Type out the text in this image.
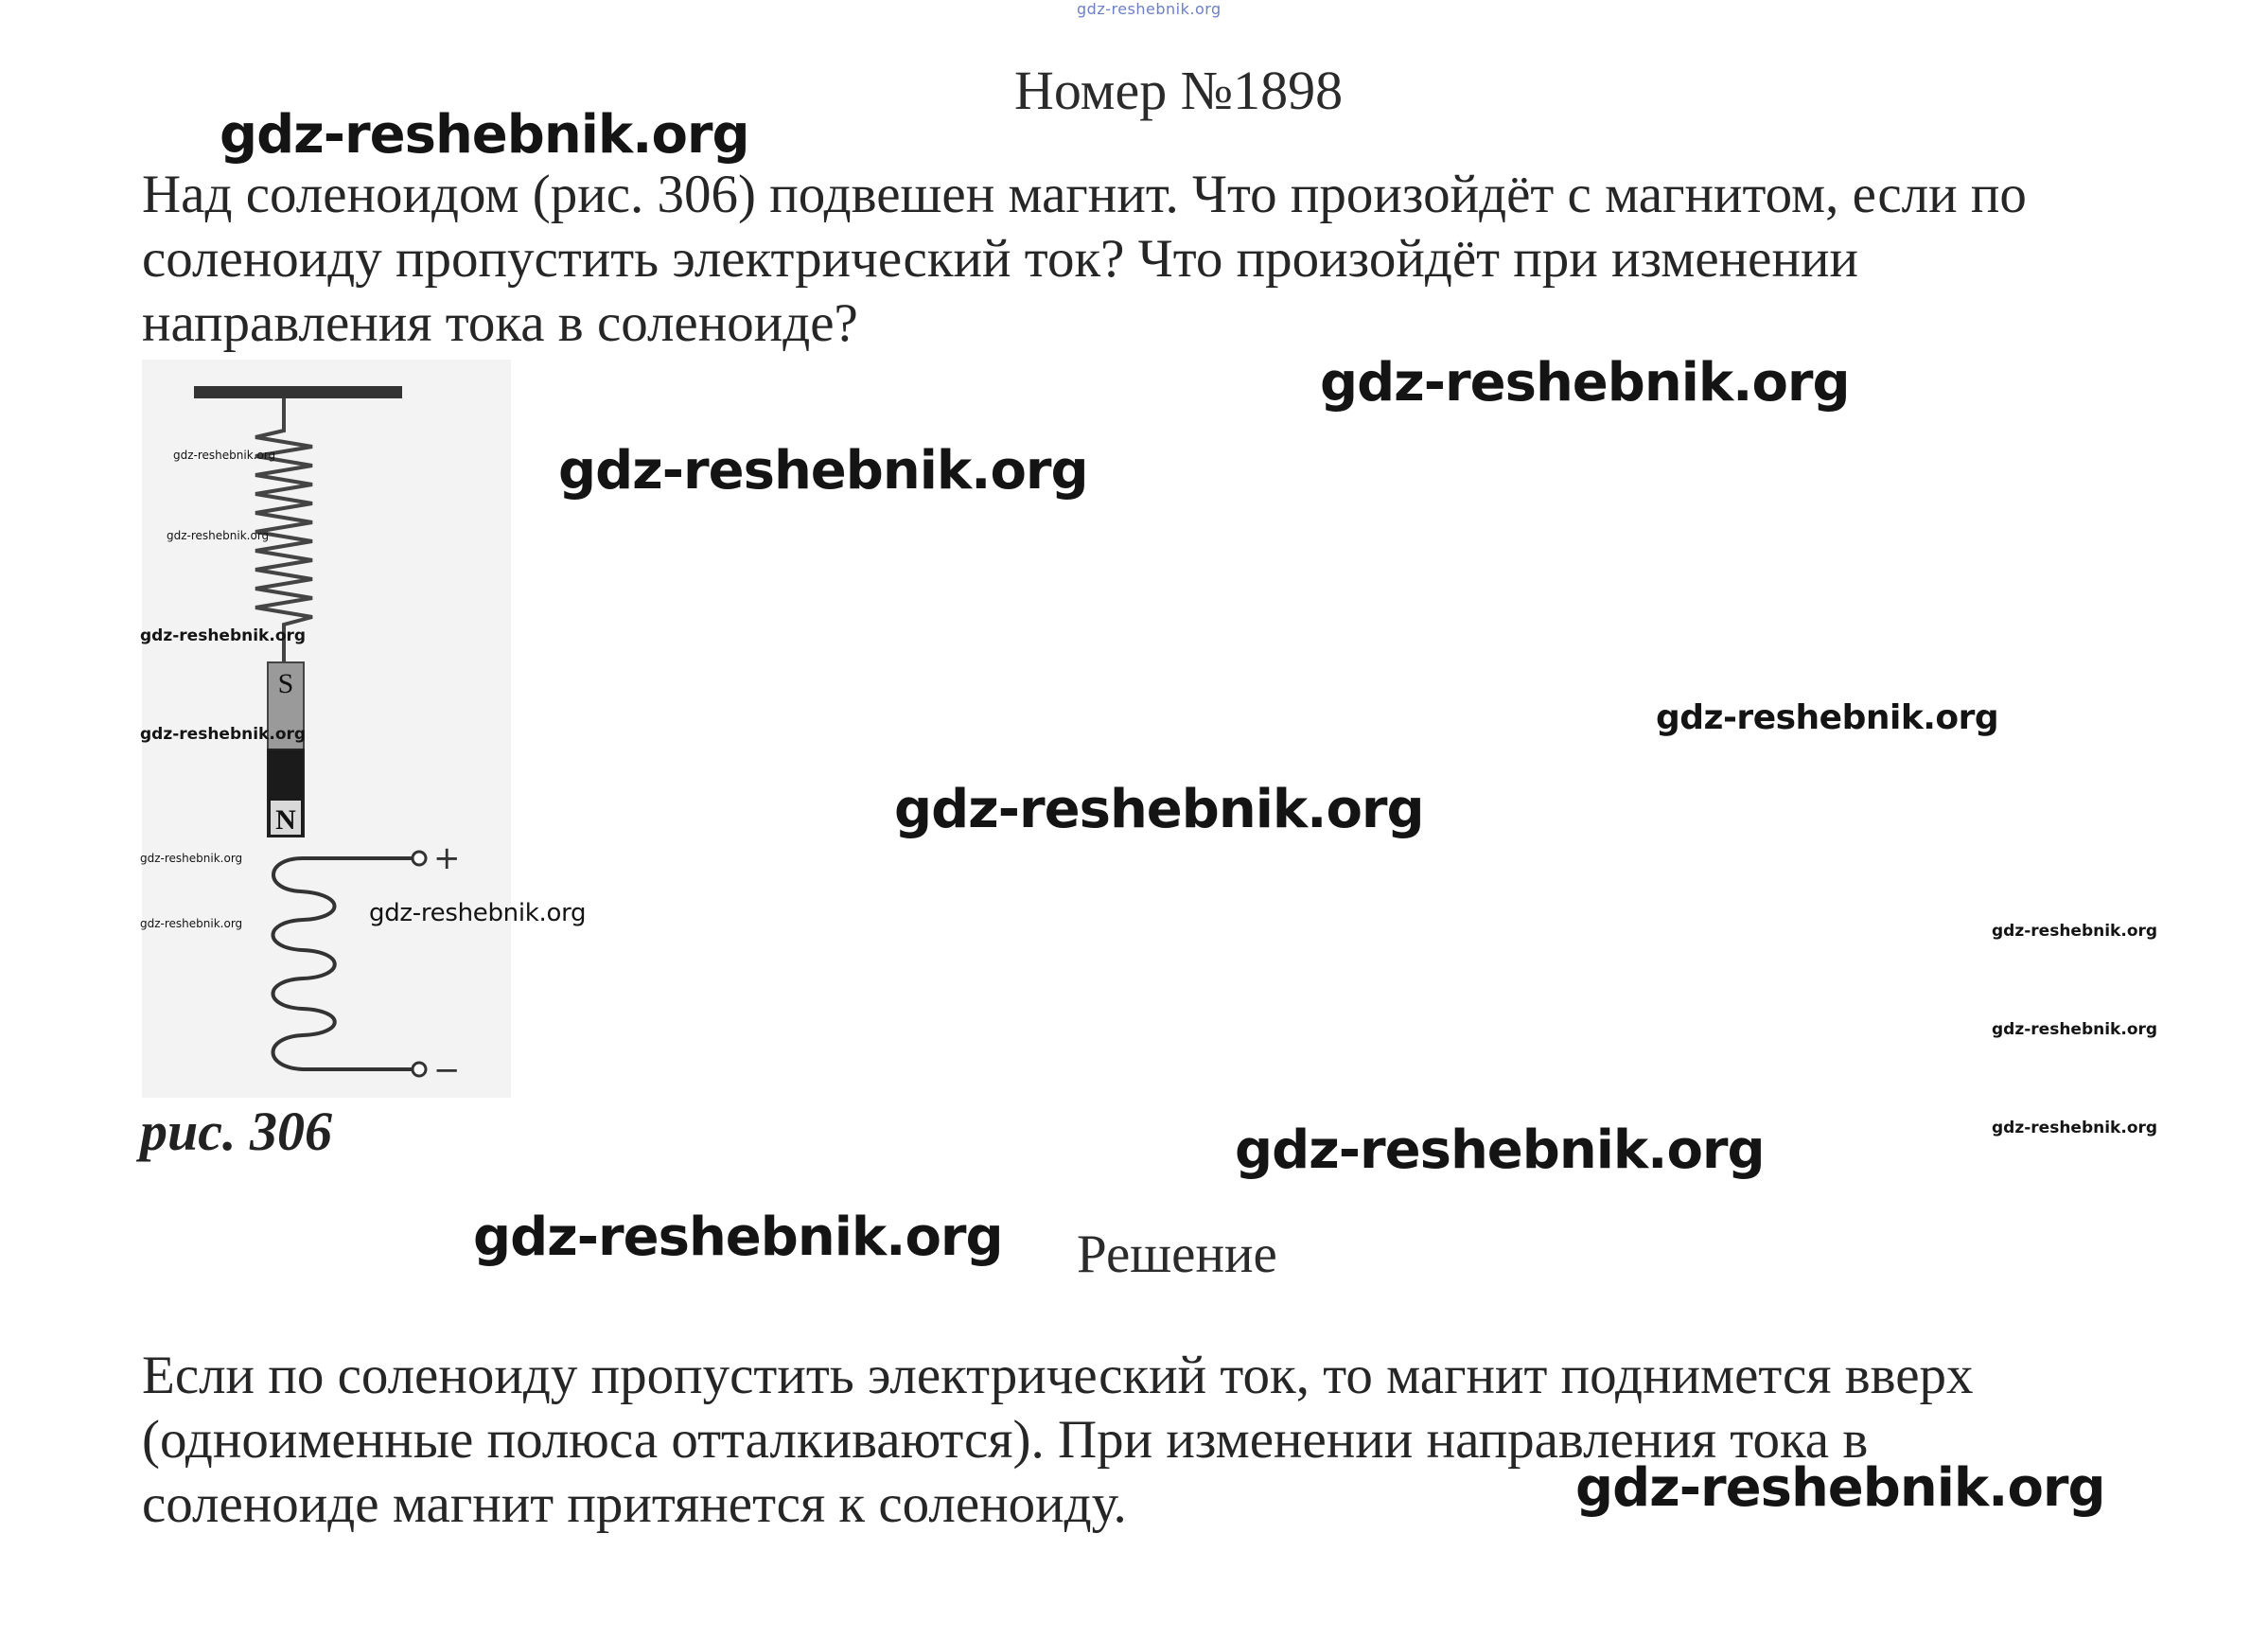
gdz-reshebnik.org
Номер №1898

Над соленоидом (рис. 306) подвешен магнит. Что произойдёт с магнитом, если по

соленоиду пропустить электрический ток? Что произойдёт при изменении

направления тока в соленоиде?

S
N
+
−
рис. 306
Решение

Если по соленоиду пропустить электрический ток, то магнит поднимется вверх

(одноименные полюса отталкиваются). При изменении направления тока в

соленоиде магнит притянется к соленоиду.

gdz-reshebnik.org
gdz-reshebnik.org
gdz-reshebnik.org
gdz-reshebnik.org
gdz-reshebnik.org
gdz-reshebnik.org
gdz-reshebnik.org
gdz-reshebnik.org
gdz-reshebnik.org
gdz-reshebnik.org
gdz-reshebnik.org
gdz-reshebnik.org
gdz-reshebnik.org
gdz-reshebnik.org
gdz-reshebnik.org
gdz-reshebnik.org
gdz-reshebnik.org
gdz-reshebnik.org
